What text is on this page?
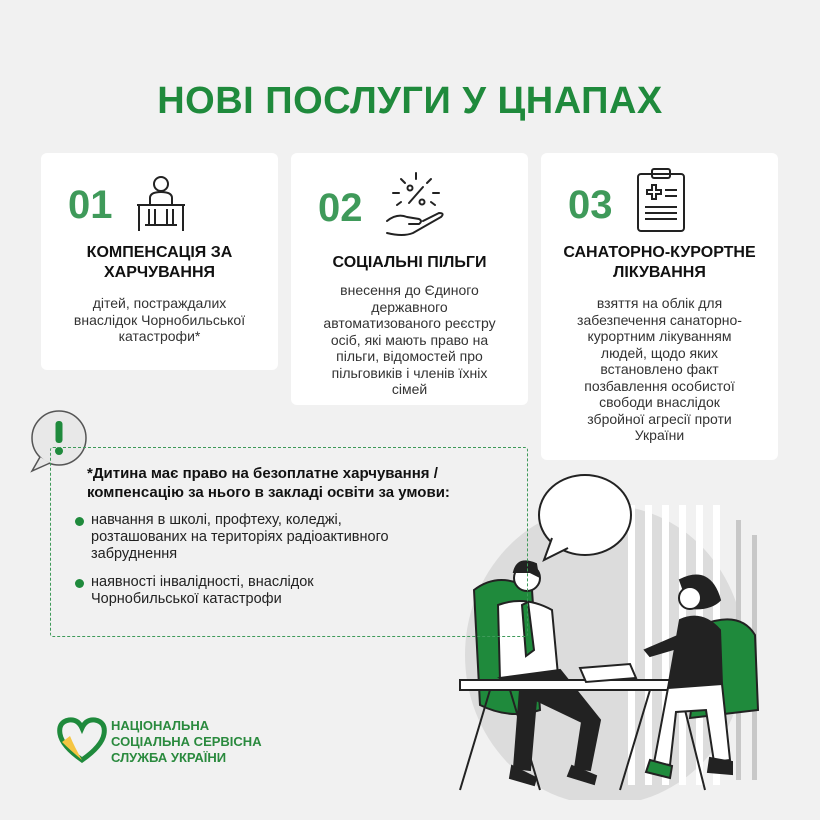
НОВІ ПОСЛУГИ У ЦНАПАХ
01
КОМПЕНСАЦІЯ ЗА
ХАРЧУВАННЯ
дітей, постраждалих
внаслідок Чорнобильської
катастрофи*
02
СОЦІАЛЬНІ ПІЛЬГИ
внесення до Єдиного
державного
автоматизованого реєстру
осіб, які мають право на
пільги, відомостей про
пільговиків і членів їхніх
сімей
03
САНАТОРНО-КУРОРТНЕ
ЛІКУВАННЯ
взяття на облік для
забезпечення санаторно-
курортним лікуванням
людей, щодо яких
встановлено факт
позбавлення особистої
свободи внаслідок
збройної агресії проти
України
*Дитина має право на безоплатне харчування /
компенсацію за нього в закладі освіти за умови:
навчання в школі, профтеху, коледжі,
розташованих на територіях радіоактивного
забруднення
наявності інвалідності, внаслідок
Чорнобильської катастрофи
НАЦІОНАЛЬНА
СОЦІАЛЬНА СЕРВІСНА
СЛУЖБА УКРАЇНИ
